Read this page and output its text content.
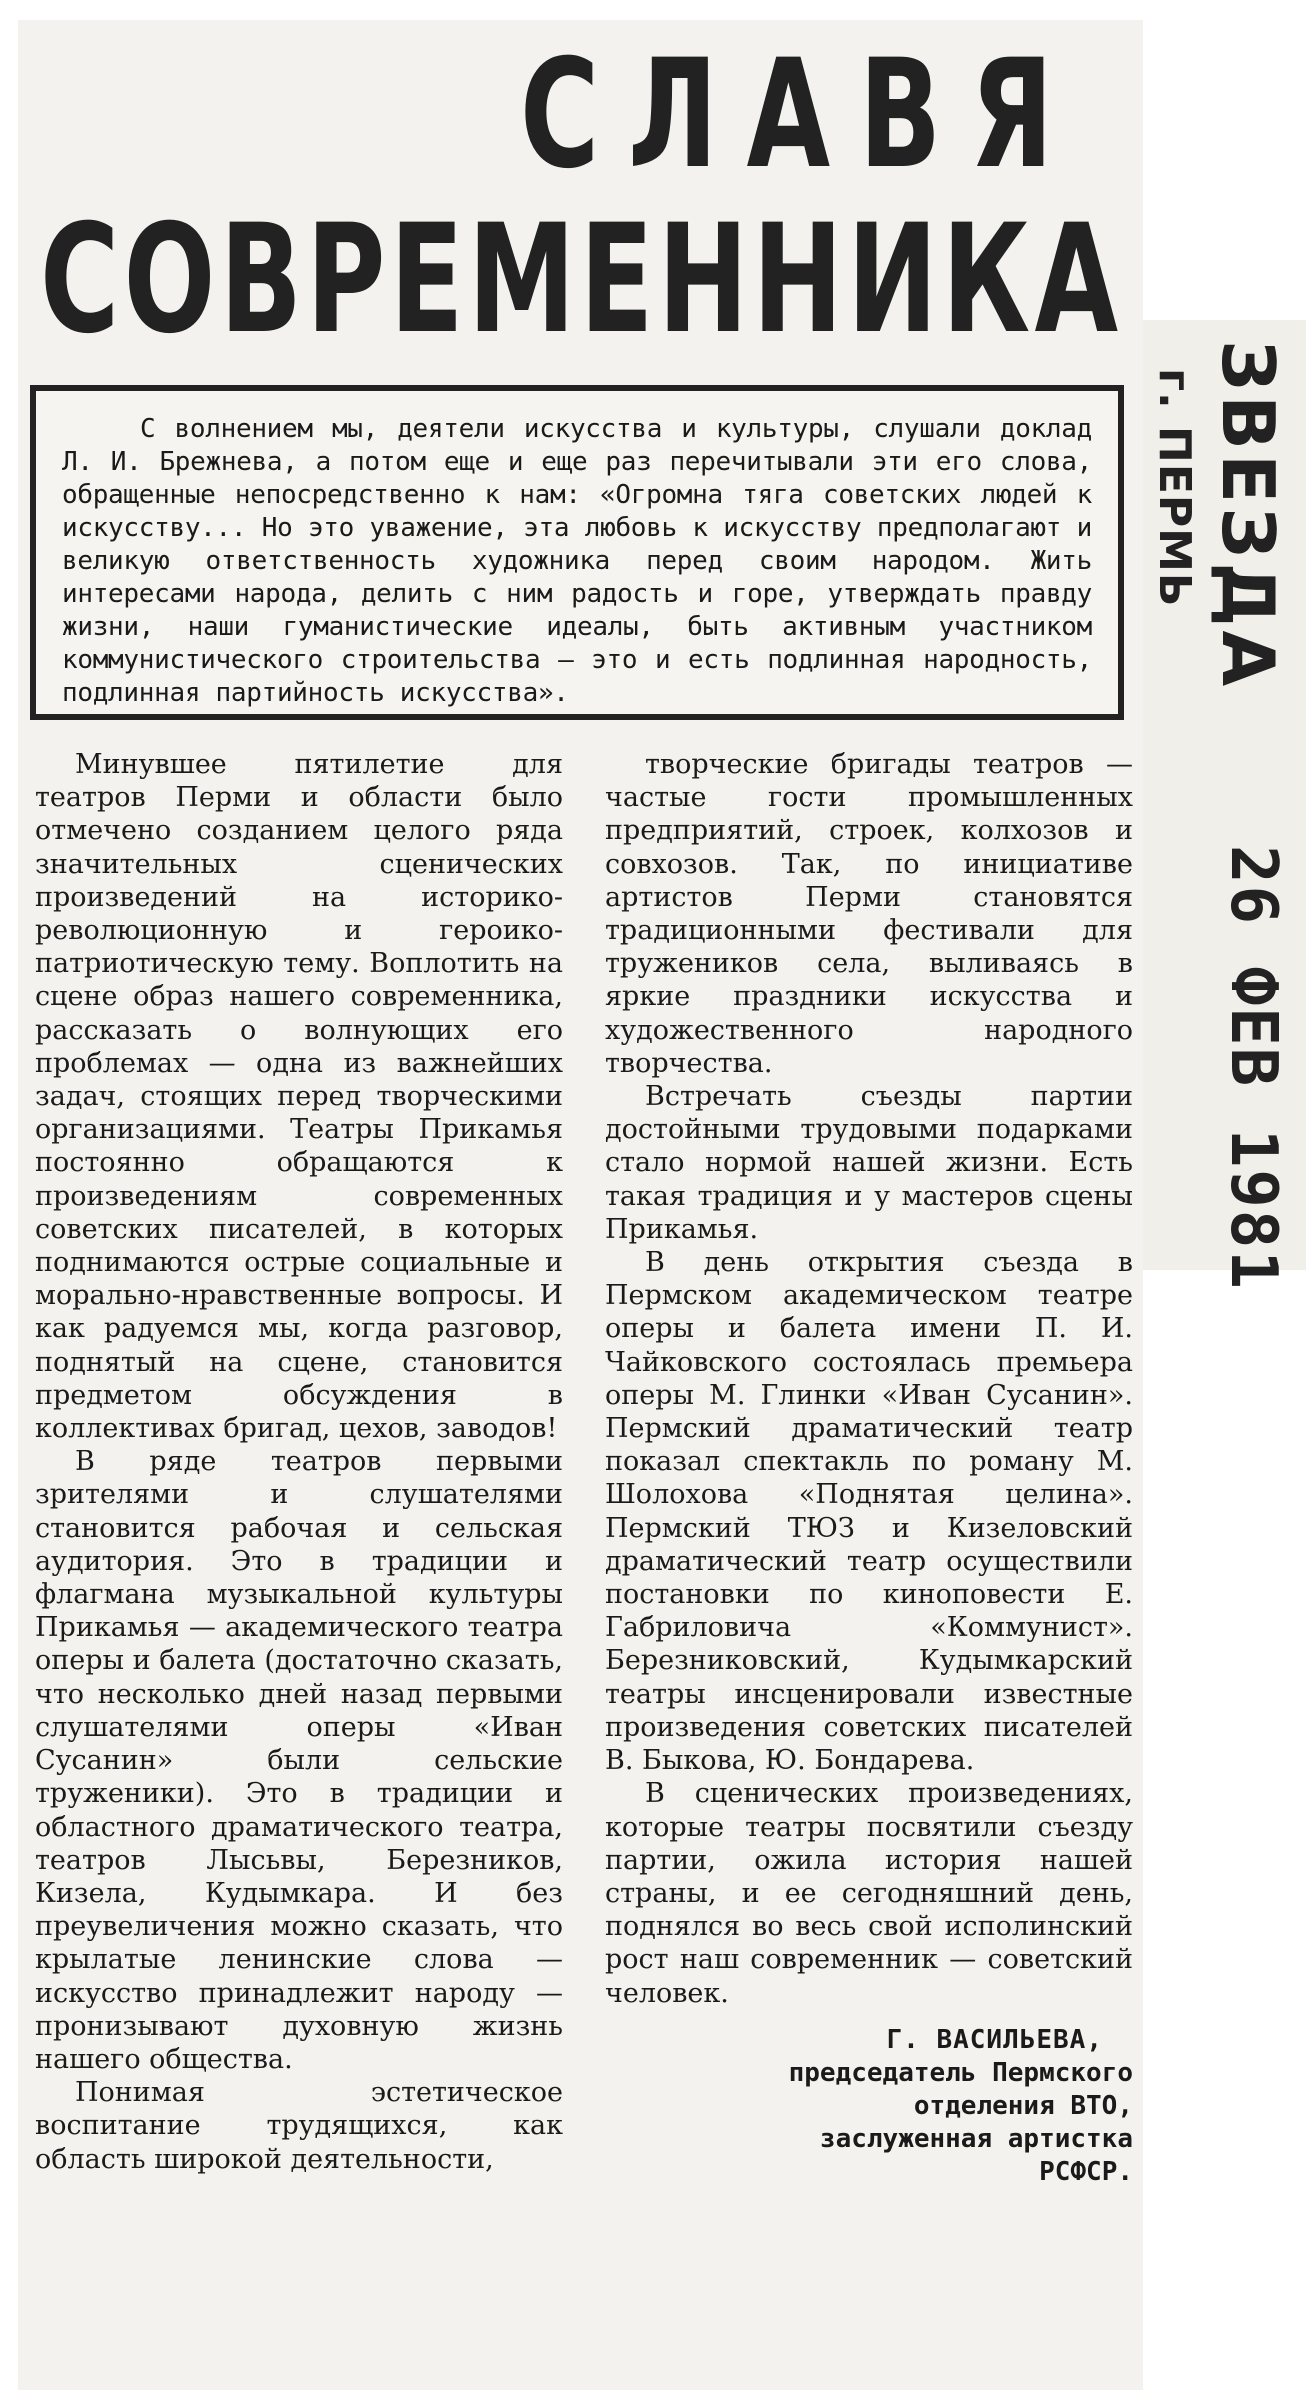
СЛАВЯ
СОВРЕМЕННИКА

С волнением мы, деятели искусства и культуры, слушали доклад Л. И. Брежнева, а потом еще и еще раз перечитывали эти его слова, обращенные непосредственно к нам: «Огромна тяга советских людей к искусству... Но это уважение, эта любовь к искусству предполагают и великую ответственность художника перед своим народом. Жить интересами народа, делить с ним радость и горе, утверждать правду жизни, наши гуманистические идеалы, быть активным участником коммунистического строительства — это и есть подлинная народность, подлинная партийность искусства».

Минувшее пятилетие для театров Перми и области было отмечено созданием целого ряда значительных сценических произведений на историко-революционную и героико-патриотическую тему. Воплотить на сцене образ нашего современника, рассказать о волнующих его проблемах — одна из важнейших задач, стоящих перед творческими организациями. Театры Прикамья постоянно обращаются к произведениям современных советских писателей, в которых поднимаются острые социальные и морально-нравственные вопросы. И как радуемся мы, когда разговор, поднятый на сцене, становится предметом обсуждения в коллективах бригад, цехов, заводов!

В ряде театров первыми зрителями и слушателями становится рабочая и сельская аудитория. Это в традиции и флагмана музыкальной культуры Прикамья — академического театра оперы и балета (достаточно сказать, что несколько дней назад первыми слушателями оперы «Иван Сусанин» были сельские труженики). Это в традиции и областного драматического театра, театров Лысьвы, Березников, Кизела, Кудымкара. И без преувеличения можно сказать, что крылатые ленинские слова — искусство принадлежит народу — пронизывают духовную жизнь нашего общества.

Понимая эстетическое воспитание трудящихся, как область широкой деятельности,

творческие бригады театров — частые гости промышленных предприятий, строек, колхозов и совхозов. Так, по инициативе артистов Перми становятся традиционными фестивали для тружеников села, выливаясь в яркие праздники искусства и художественного народного творчества.

Встречать съезды партии достойными трудовыми подарками стало нормой нашей жизни. Есть такая традиция и у мастеров сцены Прикамья.

В день открытия съезда в Пермском академическом театре оперы и балета имени П. И. Чайковского состоялась премьера оперы М. Глинки «Иван Сусанин». Пермский драматический театр показал спектакль по роману М. Шолохова «Поднятая целина». Пермский ТЮЗ и Кизеловский драматический театр осуществили постановки по киноповести Е. Габриловича «Коммунист». Березниковский, Кудымкарский театры инсценировали известные произведения советских писателей В. Быкова, Ю. Бондарева.

В сценических произведениях, которые театры посвятили съезду партии, ожила история нашей страны, и ее сегодняшний день, поднялся во весь свой исполинский рост наш современник — советский человек.

Г. ВАСИЛЬЕВА,
председатель Пермского
отделения ВТО,
заслуженная артистка
РСФСР.
ЗВЕЗДА
г. ПЕРМЬ
26 ФЕВ 1981
